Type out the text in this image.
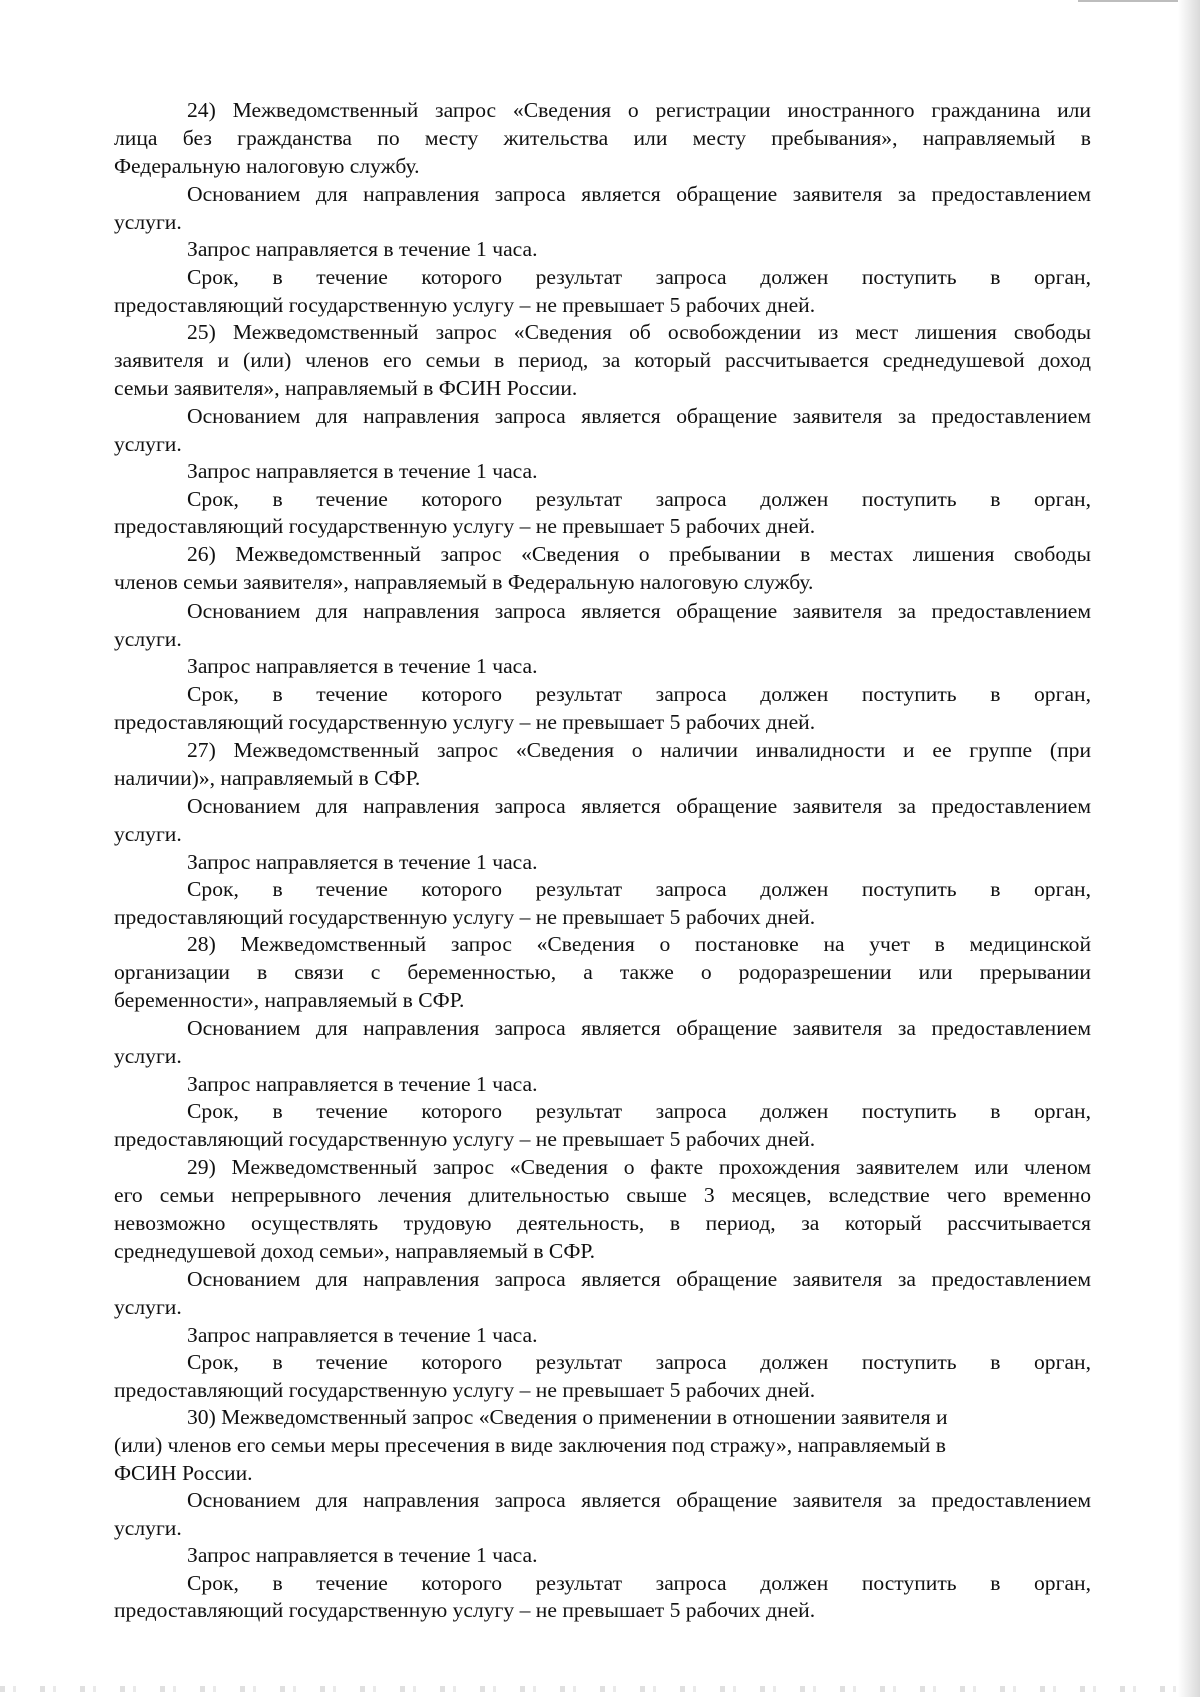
24) Межведомственный запрос «Сведения о регистрации иностранного гражданина или
лица без гражданства по месту жительства или месту пребывания», направляемый в
Федеральную налоговую службу.
Основанием для направления запроса является обращение заявителя за предоставлением
услуги.
Запрос направляется в течение 1 часа.
Срок, в течение которого результат запроса должен поступить в орган,
предоставляющий государственную услугу – не превышает 5 рабочих дней.
25) Межведомственный запрос «Сведения об освобождении из мест лишения свободы
заявителя и (или) членов его семьи в период, за который рассчитывается среднедушевой доход
семьи заявителя», направляемый в ФСИН России.
Основанием для направления запроса является обращение заявителя за предоставлением
услуги.
Запрос направляется в течение 1 часа.
Срок, в течение которого результат запроса должен поступить в орган,
предоставляющий государственную услугу – не превышает 5 рабочих дней.
26) Межведомственный запрос «Сведения о пребывании в местах лишения свободы
членов семьи заявителя», направляемый в Федеральную налоговую службу.
Основанием для направления запроса является обращение заявителя за предоставлением
услуги.
Запрос направляется в течение 1 часа.
Срок, в течение которого результат запроса должен поступить в орган,
предоставляющий государственную услугу – не превышает 5 рабочих дней.
27) Межведомственный запрос «Сведения о наличии инвалидности и ее группе (при
наличии)», направляемый в СФР.
Основанием для направления запроса является обращение заявителя за предоставлением
услуги.
Запрос направляется в течение 1 часа.
Срок, в течение которого результат запроса должен поступить в орган,
предоставляющий государственную услугу – не превышает 5 рабочих дней.
28) Межведомственный запрос «Сведения о постановке на учет в медицинской
организации в связи с беременностью, а также о родоразрешении или прерывании
беременности», направляемый в СФР.
Основанием для направления запроса является обращение заявителя за предоставлением
услуги.
Запрос направляется в течение 1 часа.
Срок, в течение которого результат запроса должен поступить в орган,
предоставляющий государственную услугу – не превышает 5 рабочих дней.
29) Межведомственный запрос «Сведения о факте прохождения заявителем или членом
его семьи непрерывного лечения длительностью свыше 3 месяцев, вследствие чего временно
невозможно осуществлять трудовую деятельность, в период, за который рассчитывается
среднедушевой доход семьи», направляемый в СФР.
Основанием для направления запроса является обращение заявителя за предоставлением
услуги.
Запрос направляется в течение 1 часа.
Срок, в течение которого результат запроса должен поступить в орган,
предоставляющий государственную услугу – не превышает 5 рабочих дней.
30) Межведомственный запрос «Сведения о применении в отношении заявителя и
(или) членов его семьи меры пресечения в виде заключения под стражу», направляемый в
ФСИН России.
Основанием для направления запроса является обращение заявителя за предоставлением
услуги.
Запрос направляется в течение 1 часа.
Срок, в течение которого результат запроса должен поступить в орган,
предоставляющий государственную услугу – не превышает 5 рабочих дней.
